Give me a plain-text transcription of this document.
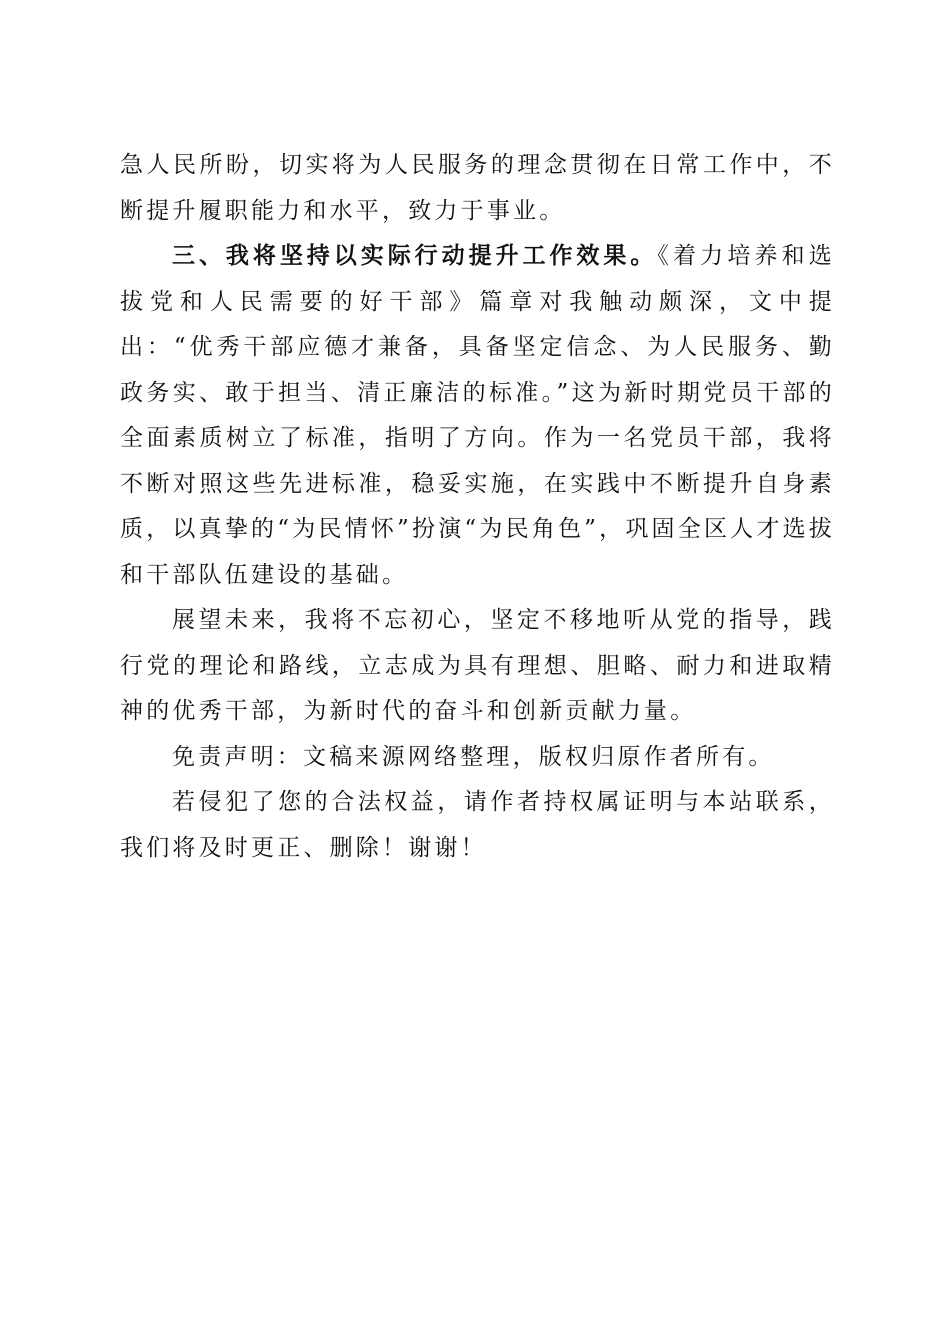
急人民所盼，切实将为人民服务的理念贯彻在日常工作中，不断提升履职能力和水平，致力于事业。

三、我将坚持以实际行动提升工作效果。《着力培养和选拔党和人民需要的好干部》篇章对我触动颇深，文中提出：“优秀干部应德才兼备，具备坚定信念、为人民服务、勤政务实、敢于担当、清正廉洁的标准。”这为新时期党员干部的全面素质树立了标准，指明了方向。作为一名党员干部，我将不断对照这些先进标准，稳妥实施，在实践中不断提升自身素质，以真挚的“为民情怀”扮演“为民角色”，巩固全区人才选拔和干部队伍建设的基础。

展望未来，我将不忘初心，坚定不移地听从党的指导，践行党的理论和路线，立志成为具有理想、胆略、耐力和进取精神的优秀干部，为新时代的奋斗和创新贡献力量。

免责声明：文稿来源网络整理，版权归原作者所有。

若侵犯了您的合法权益，请作者持权属证明与本站联系，我们将及时更正、删除！谢谢！
